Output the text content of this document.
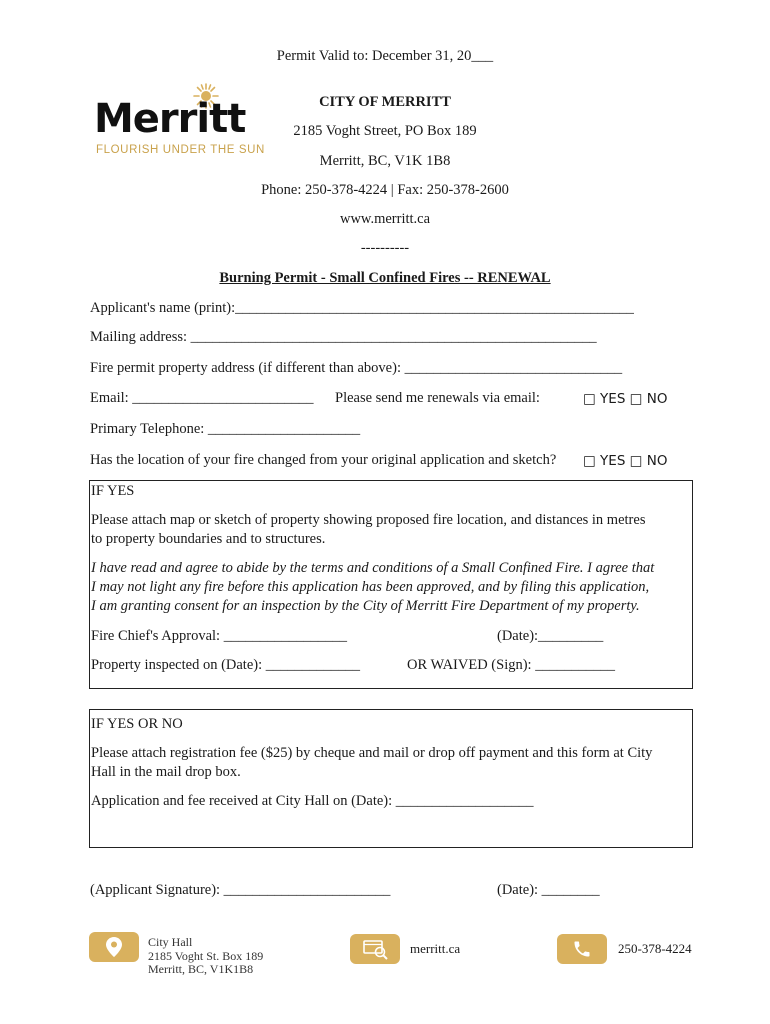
Permit Valid to: December 31, 20___
Merritt
FLOURISH UNDER THE SUN
CITY OF MERRITT
2185 Voght Street, PO Box 189
Merritt, BC, V1K 1B8
Phone: 250-378-4224 | Fax: 250-378-2600
www.merritt.ca
----------
Burning Permit - Small Confined Fires -- RENEWAL
Applicant's name (print):_______________________________________________________
Mailing address: ________________________________________________________
Fire permit property address (if different than above): ______________________________
Email: _________________________ Please send me renewals via email:	□ YES □ NO
Primary Telephone: _____________________
Has the location of your fire changed from your original application and sketch? □ YES □ NO
IF YES
Please attach map or sketch of property showing proposed fire location, and distances in metres
to property boundaries and to structures.
I have read and agree to abide by the terms and conditions of a Small Confined Fire. I agree that
I may not light any fire before this application has been approved, and by filing this application,
I am granting consent for an inspection by the City of Merritt Fire Department of my property.
Fire Chief's Approval: _________________	(Date):_________
Property inspected on (Date): _____________	OR WAIVED (Sign): ___________
IF YES OR NO
Please attach registration fee ($25) by cheque and mail or drop off payment and this form at City
Hall in the mail drop box.
Application and fee received at City Hall on (Date): ___________________
(Applicant Signature): _______________________	(Date): ________
City Hall
2185 Voght St. Box 189
Merritt, BC, V1K1B8
merritt.ca	250-378-4224
